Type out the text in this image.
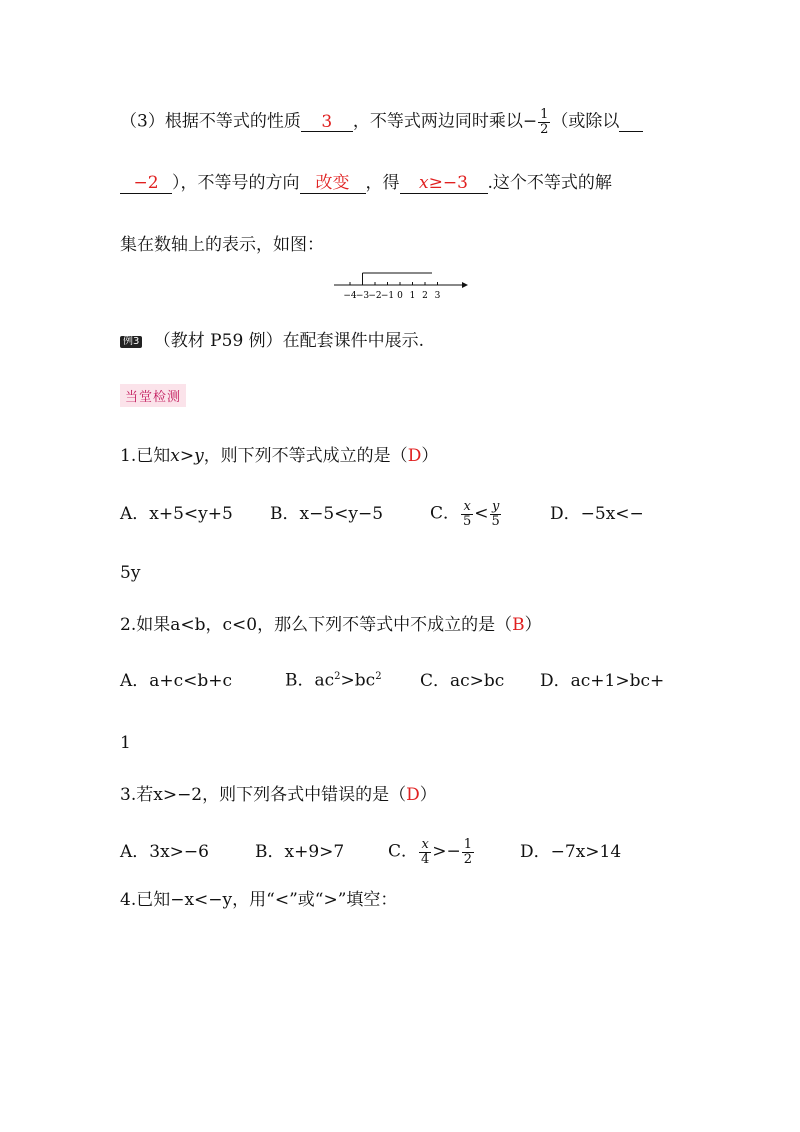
（3）根据不等式的性质 3 ，不等式两边同时乘以− $\frac{1}{2}$ （或除以
−2 ），不等号的方向 改变 ，得 x≥−3 .这个不等式的解
集在数轴上的表示，如图：
−4 −3 −2 −1 0 1 2 3
例3 （教材 P59 例）在配套课件中展示.
当堂检测
1.已知x>y，则下列不等式成立的是（D）
A．x+5<y+5 B．x−5<y−5	C． $\frac{x}{5} < \frac{y}{5}$	D．−5x<−
5y
2.如果a<b，c<0，那么下列不等式中不成立的是（B）
A．a+c<b+c	B．$ac^2>bc^2$ C．ac>bc D．ac+1>bc+
1
3.若x>−2，则下列各式中错误的是（D）
A．3x>−6	B．x+9>7	C． $\frac{x}{4} >- \frac{1}{2}$	D．−7x>14
4.已知−x<−y，用“<”或“>”填空：
